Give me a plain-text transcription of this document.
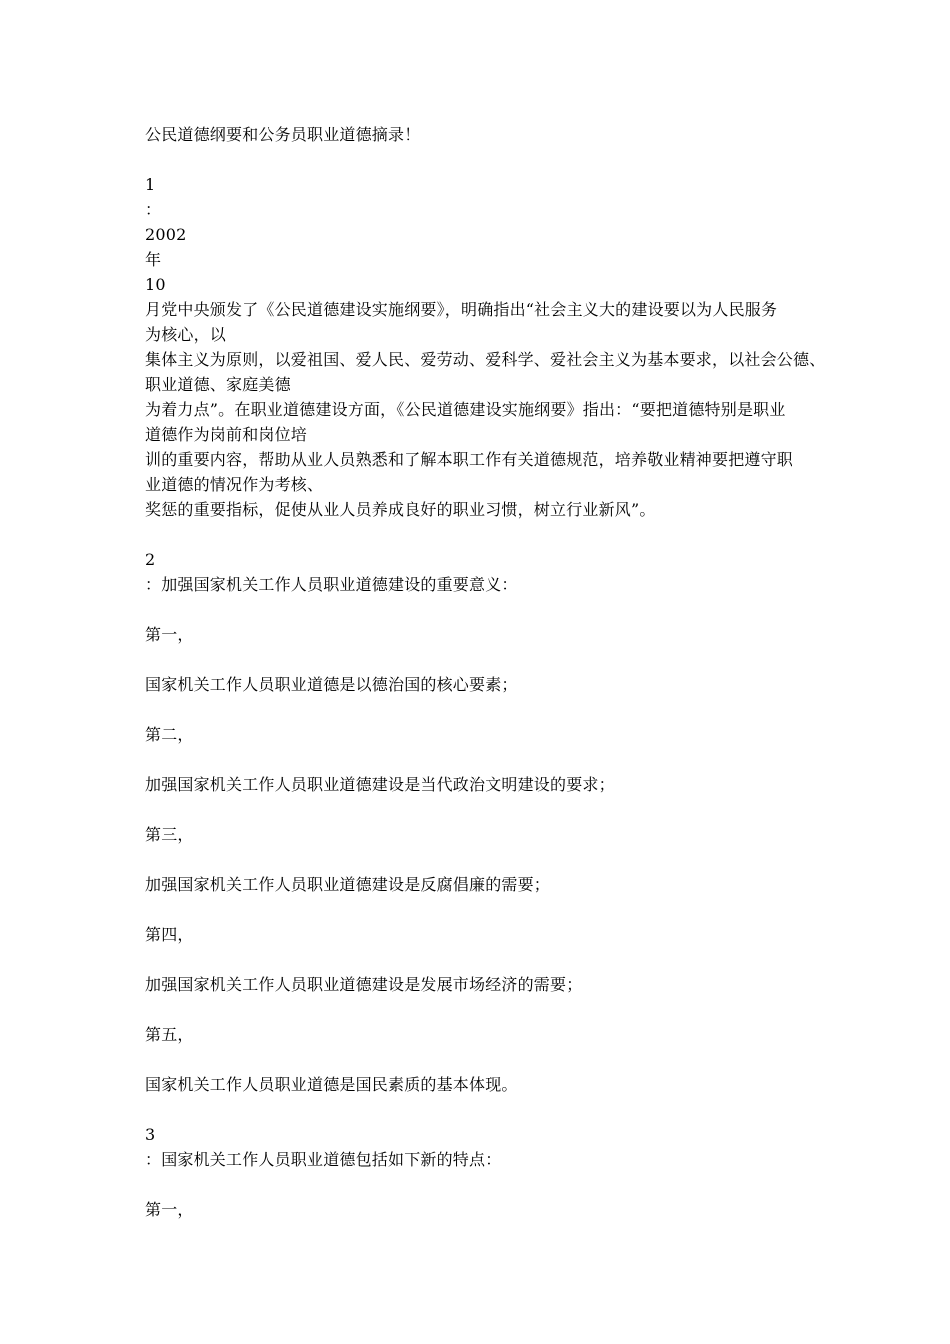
公民道德纲要和公务员职业道德摘录！
1
：
2002
年
10
月党中央颁发了《公民道德建设实施纲要》，明确指出“社会主义大的建设要以为人民服务
为核心，以
集体主义为原则，以爱祖国、爱人民、爱劳动、爱科学、爱社会主义为基本要求，以社会公德、
职业道德、家庭美德
为着力点”。在职业道德建设方面，《公民道德建设实施纲要》指出：“要把道德特别是职业
道德作为岗前和岗位培
训的重要内容，帮助从业人员熟悉和了解本职工作有关道德规范，培养敬业精神要把遵守职
业道德的情况作为考核、
奖惩的重要指标，促使从业人员养成良好的职业习惯，树立行业新风”。
2
：加强国家机关工作人员职业道德建设的重要意义：
第一，
国家机关工作人员职业道德是以德治国的核心要素；
第二，
加强国家机关工作人员职业道德建设是当代政治文明建设的要求；
第三，
加强国家机关工作人员职业道德建设是反腐倡廉的需要；
第四，
加强国家机关工作人员职业道德建设是发展市场经济的需要；
第五，
国家机关工作人员职业道德是国民素质的基本体现。
3
：国家机关工作人员职业道德包括如下新的特点：
第一，
